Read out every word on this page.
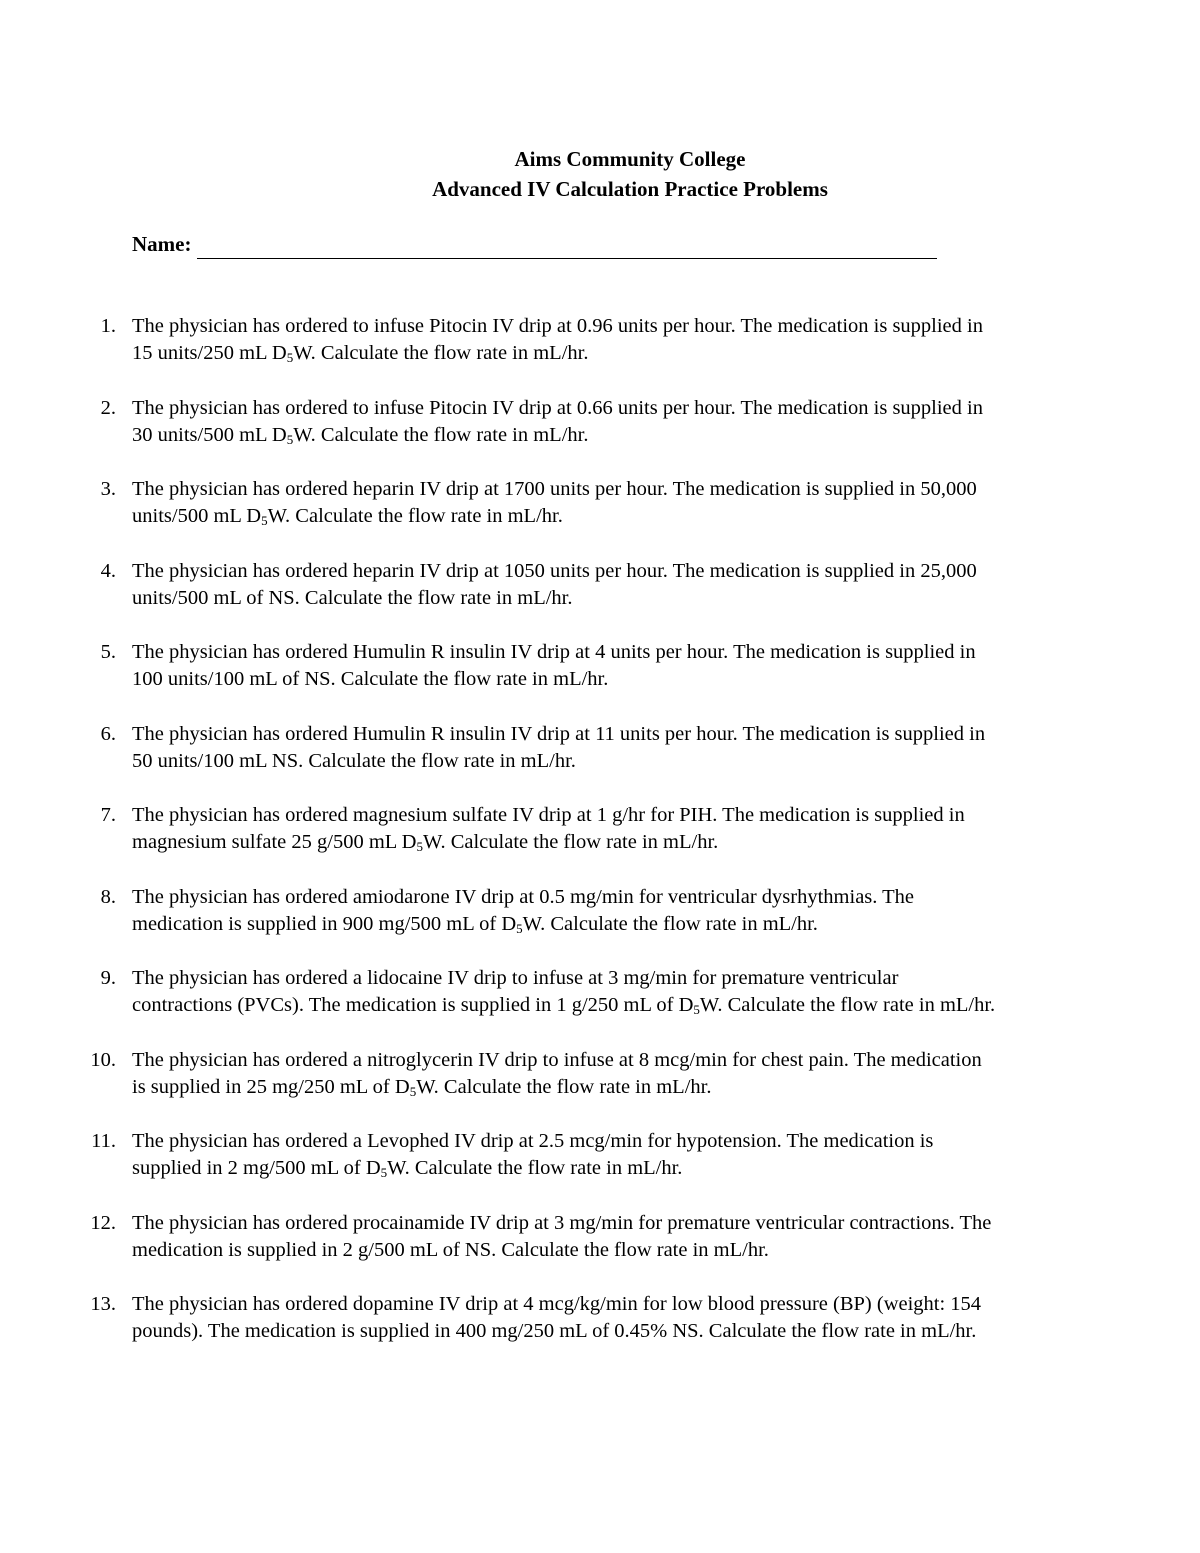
Aims Community College
Advanced IV Calculation Practice Problems
Name:
1. The physician has ordered to infuse Pitocin IV drip at 0.96 units per hour. The medication is supplied in
15 units/250 mL $D_5W$. Calculate the flow rate in mL/hr.
2. The physician has ordered to infuse Pitocin IV drip at 0.66 units per hour. The medication is supplied in
30 units/500 mL $D_5W$. Calculate the flow rate in mL/hr.
3. The physician has ordered heparin IV drip at 1700 units per hour. The medication is supplied in 50,000
units/500 mL $D_5W$. Calculate the flow rate in mL/hr.
4. The physician has ordered heparin IV drip at 1050 units per hour. The medication is supplied in 25,000
units/500 mL of NS. Calculate the flow rate in mL/hr.
5. The physician has ordered Humulin R insulin IV drip at 4 units per hour. The medication is supplied in
100 units/100 mL of NS. Calculate the flow rate in mL/hr.
6. The physician has ordered Humulin R insulin IV drip at 11 units per hour. The medication is supplied in
50 units/100 mL NS. Calculate the flow rate in mL/hr.
7. The physician has ordered magnesium sulfate IV drip at 1 g/hr for PIH. The medication is supplied in
magnesium sulfate 25 g/500 mL $D_5W$. Calculate the flow rate in mL/hr.
8. The physician has ordered amiodarone IV drip at 0.5 mg/min for ventricular dysrhythmias. The
medication is supplied in 900 mg/500 mL of $D_5W$. Calculate the flow rate in mL/hr.
9. The physician has ordered a lidocaine IV drip to infuse at 3 mg/min for premature ventricular
contractions (PVCs). The medication is supplied in 1 g/250 mL of $D_5W$. Calculate the flow rate in mL/hr.
10. The physician has ordered a nitroglycerin IV drip to infuse at 8 mcg/min for chest pain. The medication
is supplied in 25 mg/250 mL of $D_5W$. Calculate the flow rate in mL/hr.
11. The physician has ordered a Levophed IV drip at 2.5 mcg/min for hypotension. The medication is
supplied in 2 mg/500 mL of $D_5W$. Calculate the flow rate in mL/hr.
12. The physician has ordered procainamide IV drip at 3 mg/min for premature ventricular contractions. The
medication is supplied in 2 g/500 mL of NS. Calculate the flow rate in mL/hr.
13. The physician has ordered dopamine IV drip at 4 mcg/kg/min for low blood pressure (BP) (weight: 154
pounds). The medication is supplied in 400 mg/250 mL of 0.45% NS. Calculate the flow rate in mL/hr.
